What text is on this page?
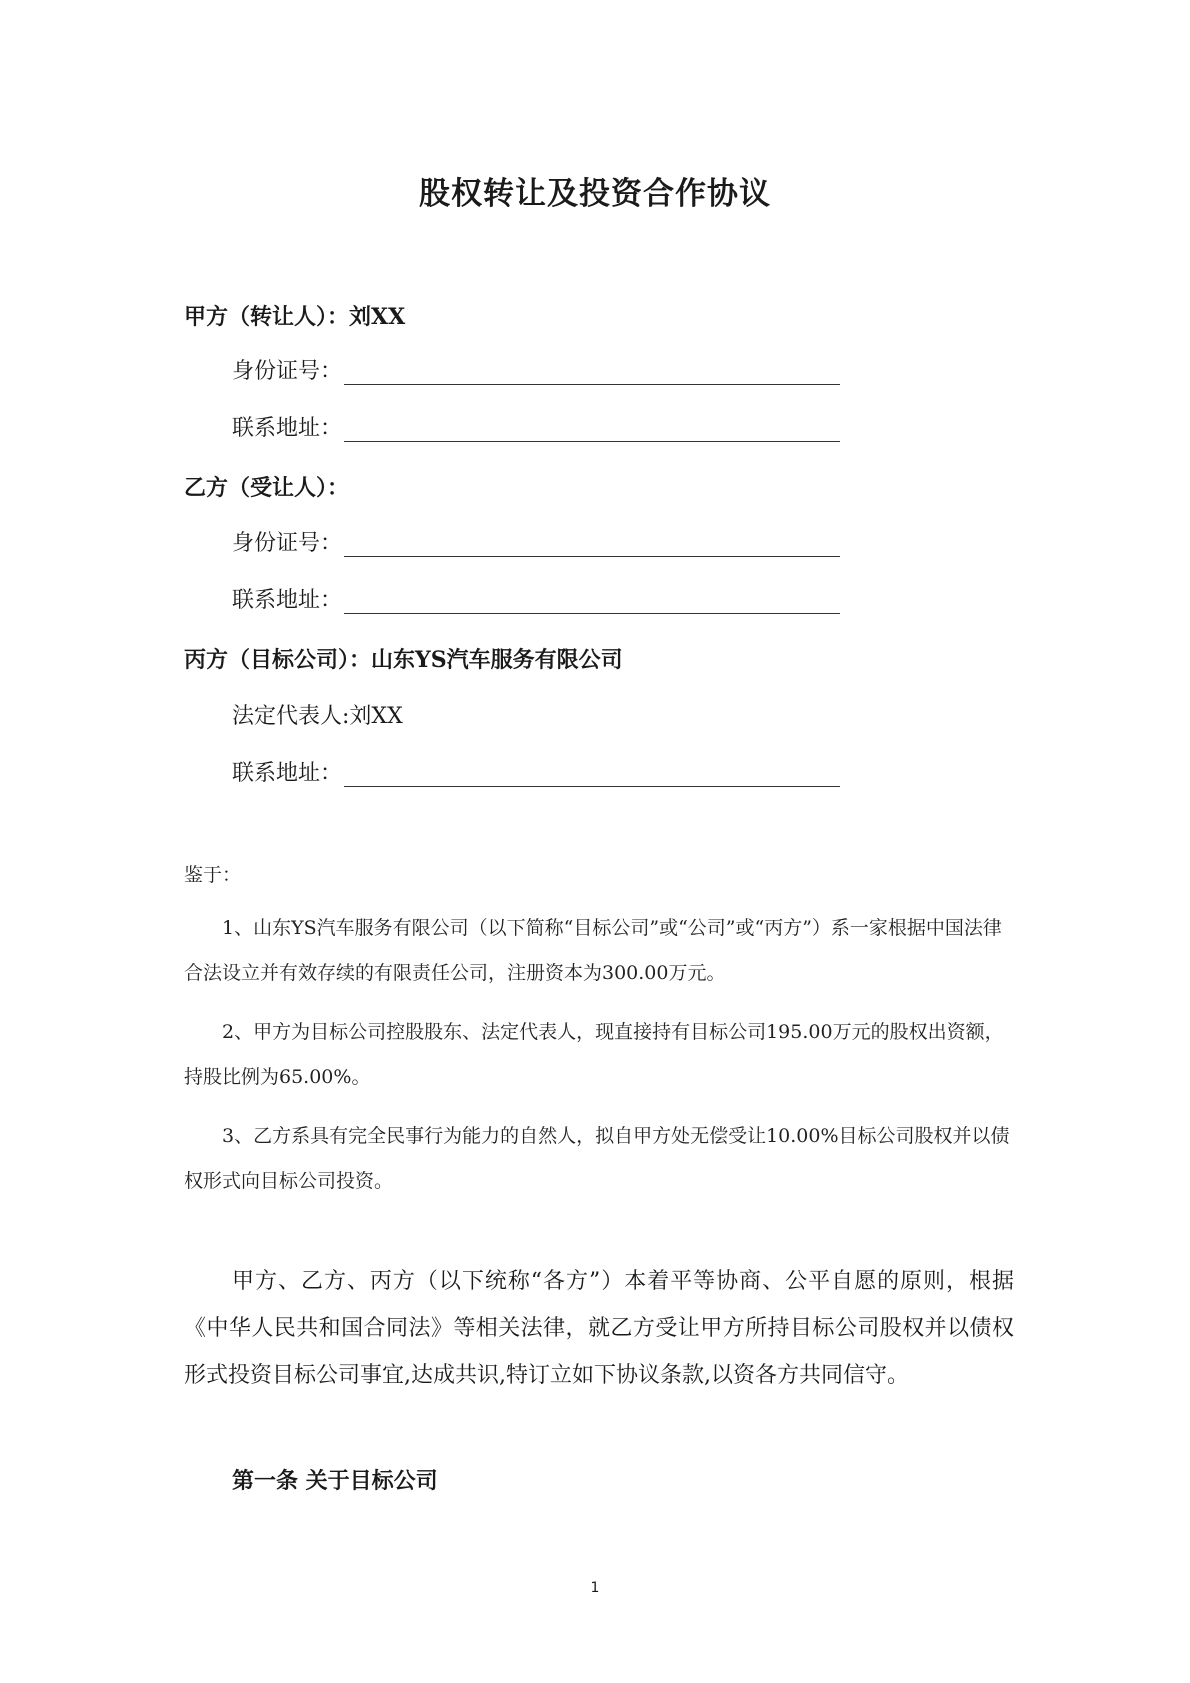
股权转让及投资合作协议
甲方（转让人）：刘XX
身份证号：
联系地址：
乙方（受让人）：
身份证号：
联系地址：
丙方（目标公司）：山东YS汽车服务有限公司
法定代表人:刘XX
联系地址：
鉴于：
1、山东YS汽车服务有限公司（以下简称“目标公司”或“公司”或“丙方”）系一家根据中国法律合法设立并有效存续的有限责任公司，注册资本为300.00万元。
2、甲方为目标公司控股股东、法定代表人，现直接持有目标公司195.00万元的股权出资额，持股比例为65.00%。
3、乙方系具有完全民事行为能力的自然人，拟自甲方处无偿受让10.00%目标公司股权并以债权形式向目标公司投资。
甲方、乙方、丙方（以下统称“各方”）本着平等协商、公平自愿的原则，根据《中华人民共和国合同法》等相关法律，就乙方受让甲方所持目标公司股权并以债权形式投资目标公司事宜,达成共识,特订立如下协议条款,以资各方共同信守。
第一条 关于目标公司
1
